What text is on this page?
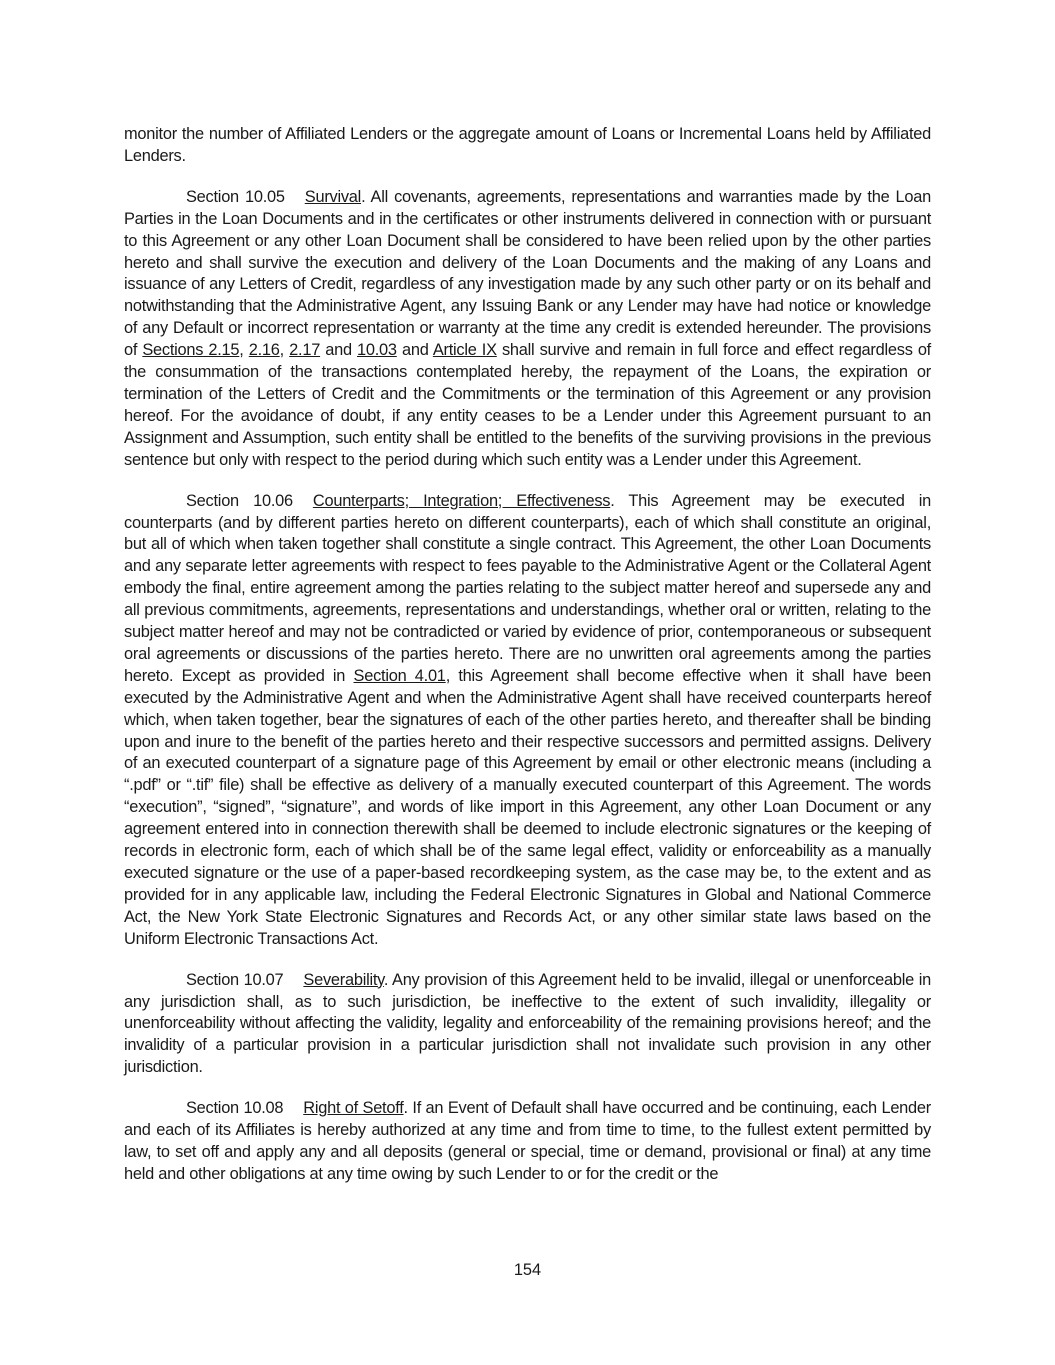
monitor the number of Affiliated Lenders or the aggregate amount of Loans or Incremental Loans held by Affiliated Lenders.

Section 10.05 Survival. All covenants, agreements, representations and warranties made by the Loan Parties in the Loan Documents and in the certificates or other instruments delivered in connection with or pursuant to this Agreement or any other Loan Document shall be considered to have been relied upon by the other parties hereto and shall survive the execution and delivery of the Loan Documents and the making of any Loans and issuance of any Letters of Credit, regardless of any investigation made by any such other party or on its behalf and notwithstanding that the Administrative Agent, any Issuing Bank or any Lender may have had notice or knowledge of any Default or incorrect representation or warranty at the time any credit is extended hereunder. The provisions of Sections 2.15, 2.16, 2.17 and 10.03 and Article IX shall survive and remain in full force and effect regardless of the consummation of the transactions contemplated hereby, the repayment of the Loans, the expiration or termination of the Letters of Credit and the Commitments or the termination of this Agreement or any provision hereof. For the avoidance of doubt, if any entity ceases to be a Lender under this Agreement pursuant to an Assignment and Assumption, such entity shall be entitled to the benefits of the surviving provisions in the previous sentence but only with respect to the period during which such entity was a Lender under this Agreement.

Section 10.06 Counterparts; Integration; Effectiveness. This Agreement may be executed in counterparts (and by different parties hereto on different counterparts), each of which shall constitute an original, but all of which when taken together shall constitute a single contract. This Agreement, the other Loan Documents and any separate letter agreements with respect to fees payable to the Administrative Agent or the Collateral Agent embody the final, entire agreement among the parties relating to the subject matter hereof and supersede any and all previous commitments, agreements, representations and understandings, whether oral or written, relating to the subject matter hereof and may not be contradicted or varied by evidence of prior, contemporaneous or subsequent oral agreements or discussions of the parties hereto. There are no unwritten oral agreements among the parties hereto. Except as provided in Section 4.01, this Agreement shall become effective when it shall have been executed by the Administrative Agent and when the Administrative Agent shall have received counterparts hereof which, when taken together, bear the signatures of each of the other parties hereto, and thereafter shall be binding upon and inure to the benefit of the parties hereto and their respective successors and permitted assigns. Delivery of an executed counterpart of a signature page of this Agreement by email or other electronic means (including a “.pdf” or “.tif” file) shall be effective as delivery of a manually executed counterpart of this Agreement. The words “execution”, “signed”, “signature”, and words of like import in this Agreement, any other Loan Document or any agreement entered into in connection therewith shall be deemed to include electronic signatures or the keeping of records in electronic form, each of which shall be of the same legal effect, validity or enforceability as a manually executed signature or the use of a paper-based recordkeeping system, as the case may be, to the extent and as provided for in any applicable law, including the Federal Electronic Signatures in Global and National Commerce Act, the New York State Electronic Signatures and Records Act, or any other similar state laws based on the Uniform Electronic Transactions Act.

Section 10.07 Severability. Any provision of this Agreement held to be invalid, illegal or unenforceable in any jurisdiction shall, as to such jurisdiction, be ineffective to the extent of such invalidity, illegality or unenforceability without affecting the validity, legality and enforceability of the remaining provisions hereof; and the invalidity of a particular provision in a particular jurisdiction shall not invalidate such provision in any other jurisdiction.

Section 10.08 Right of Setoff. If an Event of Default shall have occurred and be continuing, each Lender and each of its Affiliates is hereby authorized at any time and from time to time, to the fullest extent permitted by law, to set off and apply any and all deposits (general or special, time or demand, provisional or final) at any time held and other obligations at any time owing by such Lender to or for the credit or the

154
